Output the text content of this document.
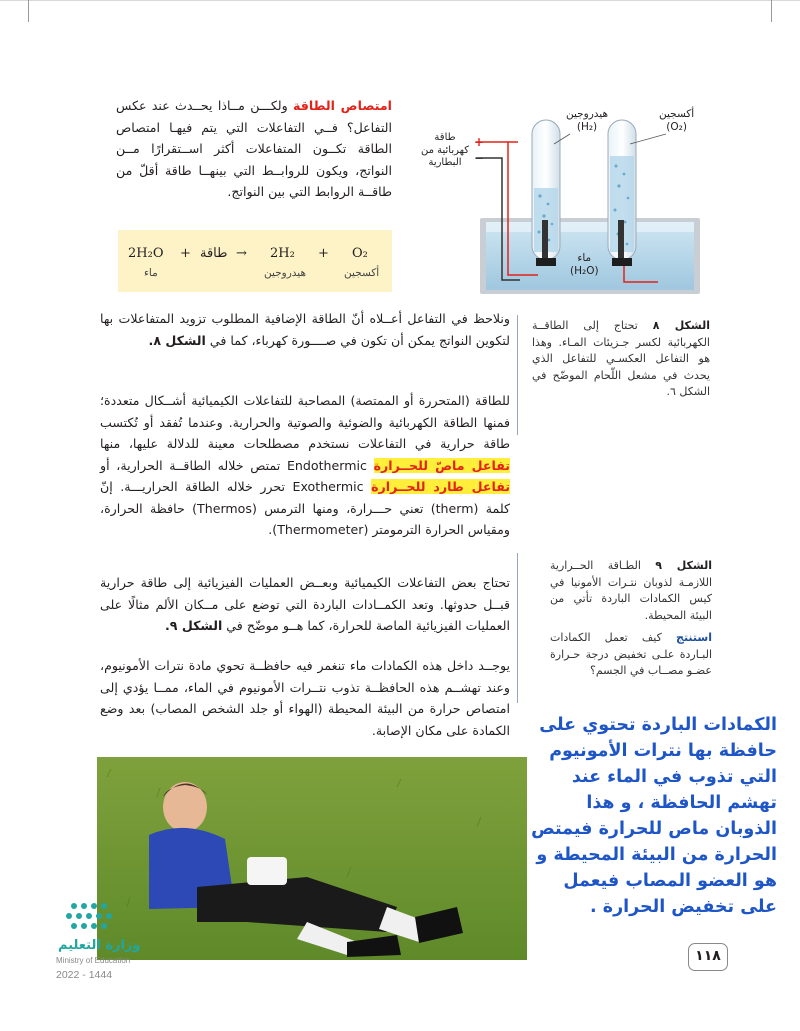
امتصاص الطاقة ولكـــن مــاذا يحــدث عند عكس التفاعل؟ فــي التفاعلات التي يتم فيهـا امتصاص الطاقة تكــون المتفاعلات أكثر اســتقرارًا مــن النواتج، ويكون للروابــط التي بينهــا طاقة أقلّ من طاقــة الروابط التي بين النواتج.
2H₂O + طاقة → 2H₂ + O₂
ماء	هيدروجين	أكسجين
+
−
أكسجين
(O₂)
هيدروجين
(H₂)
طاقة كهربائية من البطارية
ماء
(H₂O)
الشكل ٨ تحتاج إلى الطاقــة الكهربائية لكسر جـزيئات المـاء. وهذا هو التفاعل العكسـي للتفاعل الذي يحدث في مشعل اللّحام الموضّح في الشكل ٦.
ونلاحظ في التفاعل أعــلاه أنّ الطاقة الإضافية المطلوب تزويد المتفاعلات بها لتكوين النواتج يمكن أن تكون في صــــورة كهرباء، كما في الشكل ٨.
للطاقة (المتحررة أو الممتصة) المصاحبة للتفاعلات الكيميائية أشــكال متعددة؛ فمنها الطاقة الكهربائية والضوئية والصوتية والحرارية. وعندما تُفقد أو تُكتسب طاقة حرارية في التفاعلات نستخدم مصطلحات معينة للدلالة عليها، منها تفاعل ماصّ للحــرارة Endothermic تمتص خلاله الطاقــة الحرارية، أو تفاعل طارد للحــرارة Exothermic تحرر خلاله الطاقة الحراريـــة. إنّ كلمة (therm) تعني حـــرارة، ومنها الترمس (Thermos) حافظة الحرارة، ومقياس الحرارة الترمومتر (Thermometer).
الشكل ٩ الطـاقة الحــرارية اللازمـة لذوبان نتـرات الأمونيا في كيس الكمادات الباردة تأتي من البيئة المحيطة.
استنتج كيف تعمل الكمادات البـاردة علـى تخفيض درجة حـرارة عضـو مصــاب في الجسم؟
تحتاج بعض التفاعلات الكيميائية وبعــض العمليات الفيزيائية إلى طاقة حرارية قبــل حدوثها. وتعد الكمــادات الباردة التي توضع على مــكان الألم مثالًا على العمليات الفيزيائية الماصة للحرارة، كما هــو موضّح في الشكل ٩.
يوجــد داخل هذه الكمادات ماء تنغمر فيه حافظــة تحوي مادة نترات الأمونيوم، وعند تهشــم هذه الحافظــة تذوب نتــرات الأمونيوم في الماء، ممــا يؤدي إلى امتصاص حرارة من البيئة المحيطة (الهواء أو جلد الشخص المصاب) بعد وضع الكمادة على مكان الإصابة.	الكمادات الباردة تحتوي على حافظة بها نترات الأمونيوم التي تذوب في الماء عند تهشم الحافظة ، و هذا الذوبان ماص للحرارة فيمتص الحرارة من البيئة المحيطة و هو العضو المصاب فيعمل على تخفيض الحرارة .
١١٨
وزارة التعليم
Ministry of Education
2022 - 1444
